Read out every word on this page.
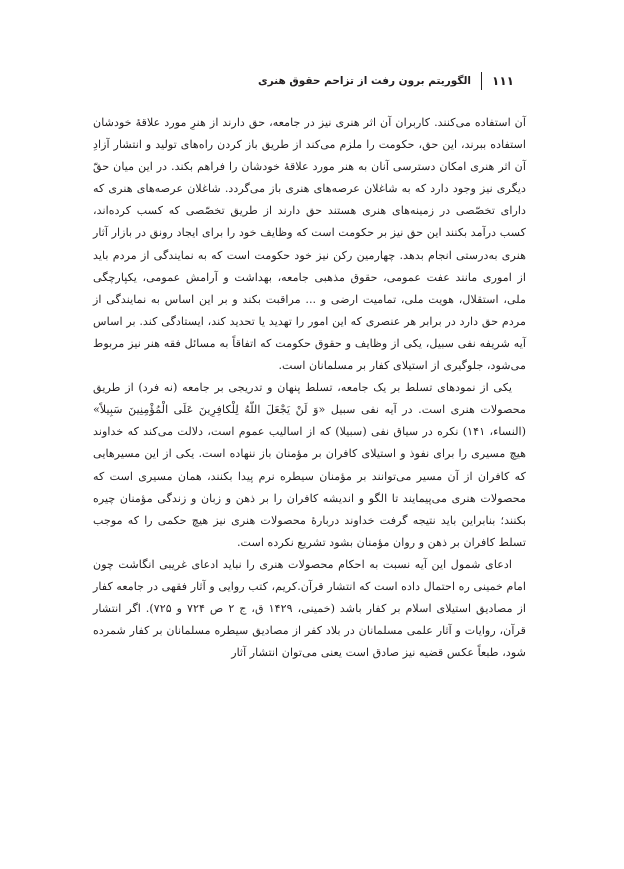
۱۱۱
الگوریتم برون رفت از تزاحم حقوق هنری

آن استفاده می‌کنند. کاربران آن اثر هنری نیز در جامعه، حق دارند از هنرِ مورد علاقهٔ خودشان استفاده ببرند، این حق، حکومت را ملزم می‌کند از طریق باز کردن راه‌های تولید و انتشار آزادِ آن اثر هنری امکان دسترسی آنان به هنر مورد علاقهٔ خودشان را فراهم بکند. در این میان حقّ دیگری نیز وجود دارد که به شاغلان عرصه‌های هنری باز می‌گردد. شاغلان عرصه‌های هنری که دارای تخصّصی در زمینه‌های هنری هستند حق دارند از طریق تخصّصی که کسب کرده‌اند، کسب درآمد بکنند این حق نیز بر حکومت است که وظایف خود را برای ایجاد رونق در بازار آثار هنری به‌درستی انجام بدهد. چهارمین رکن نیز خود حکومت است که به نمایندگی از مردم باید از اموری مانند عفت عمومی، حقوق مذهبی جامعه، بهداشت و آرامش عمومی، یکپارچگی ملی، استقلال، هویت ملی، تمامیت ارضی و ... مراقبت بکند و بر این اساس به نمایندگی از مردم حق دارد در برابر هر عنصری که این امور را تهدید یا تحدید کند، ایستادگی کند. بر اساس آیه شریفه نفی سبیل، یکی از وظایف و حقوق حکومت که اتفاقاً به مسائل فقه هنر نیز مربوط می‌شود، جلوگیری از استیلای کفار بر مسلمانان است.

یکی از نمودهای تسلط بر یک جامعه، تسلط پنهان و تدریجی بر جامعه (نه فرد) از طریق محصولات هنری است. در آیه نفی سبیل «وَ لَنْ یَجْعَلَ اللّهُ لِلْکافِرِینَ عَلَی الْمُؤْمِنِینَ سَبِیلاً» (النساء، ۱۴۱) نکره در سیاق نفی (سبیلا) که از اسالیب عموم است، دلالت می‌کند که خداوند هیچ مسیری را برای نفوذ و استیلای کافران بر مؤمنان باز ننهاده است. یکی از این مسیرهایی که کافران از آن مسیر می‌توانند بر مؤمنان سیطره نرم پیدا بکنند، همان مسیری است که محصولات هنری می‌پیمایند تا الگو و اندیشه کافران را بر ذهن و زبان و زندگی مؤمنان چیره بکنند؛ بنابراین باید نتیجه گرفت خداوند دربارهٔ محصولات هنری نیز هیچ حکمی را که موجب تسلط کافران بر ذهن و روان مؤمنان بشود تشریع نکرده است.

ادعای شمول این آیه نسبت به احکام محصولات هنری را نباید ادعای غریبی انگاشت چون امام خمینی ره احتمال داده است که انتشار قرآن.کریم، کتب روایی و آثار فقهی در جامعه کفار از مصادیق استیلای اسلام بر کفار باشد (خمینی، ۱۴۲۹ ق، ج ۲ ص ۷۲۴ و ۷۲۵). اگر انتشار قرآن، روایات و آثار علمی مسلمانان در بلاد کفر از مصادیق سیطره مسلمانان بر کفار شمرده شود، طبعاً عکس قضیه نیز صادق است یعنی می‌توان انتشار آثار
